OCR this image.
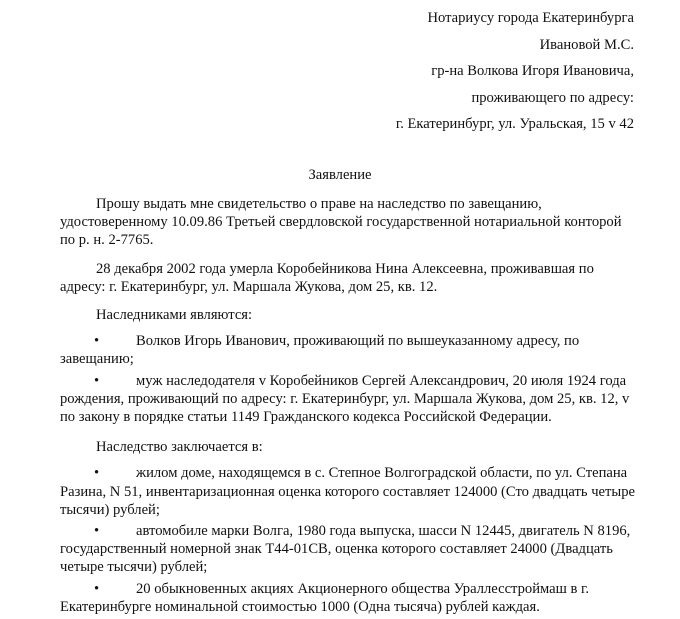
Нотариусу города Екатеринбурга
Ивановой М.С.
гр-на Волкова Игоря Ивановича,
проживающего по адресу:
г. Екатеринбург, ул. Уральская, 15 v 42
Заявление

Прошу выдать мне свидетельство о праве на наследство по завещанию, удостоверенному 10.09.86 Третьей свердловской государственной нотариальной конторой по р. н. 2-7765.

28 декабря 2002 года умерла Коробейникова Нина Алексеевна, проживавшая по адресу: г. Екатеринбург, ул. Маршала Жукова, дом 25, кв. 12.

Наследниками являются:

•	Волков Игорь Иванович, проживающий по вышеуказанному адресу, по завещанию;
•	муж наследодателя v Коробейников Сергей Александрович, 20 июля 1924 года рождения, проживающий по адресу: г. Екатеринбург, ул. Маршала Жукова, дом 25, кв. 12, v по закону в порядке статьи 1149 Гражданского кодекса Российской Федерации.

Наследство заключается в:

•	жилом доме, находящемся в с. Степное Волгоградской области, по ул. Степана Разина, N 51, инвентаризационная оценка которого составляет 124000 (Сто двадцать четыре тысячи) рублей;
•	автомобиле марки Волга, 1980 года выпуска, шасси N 12445, двигатель N 8196, государственный номерной знак Т44-01СВ, оценка которого составляет 24000 (Двадцать четыре тысячи) рублей;
•	20 обыкновенных акциях Акционерного общества Ураллесстроймаш в г. Екатеринбурге номинальной стоимостью 1000 (Одна тысяча) рублей каждая.
